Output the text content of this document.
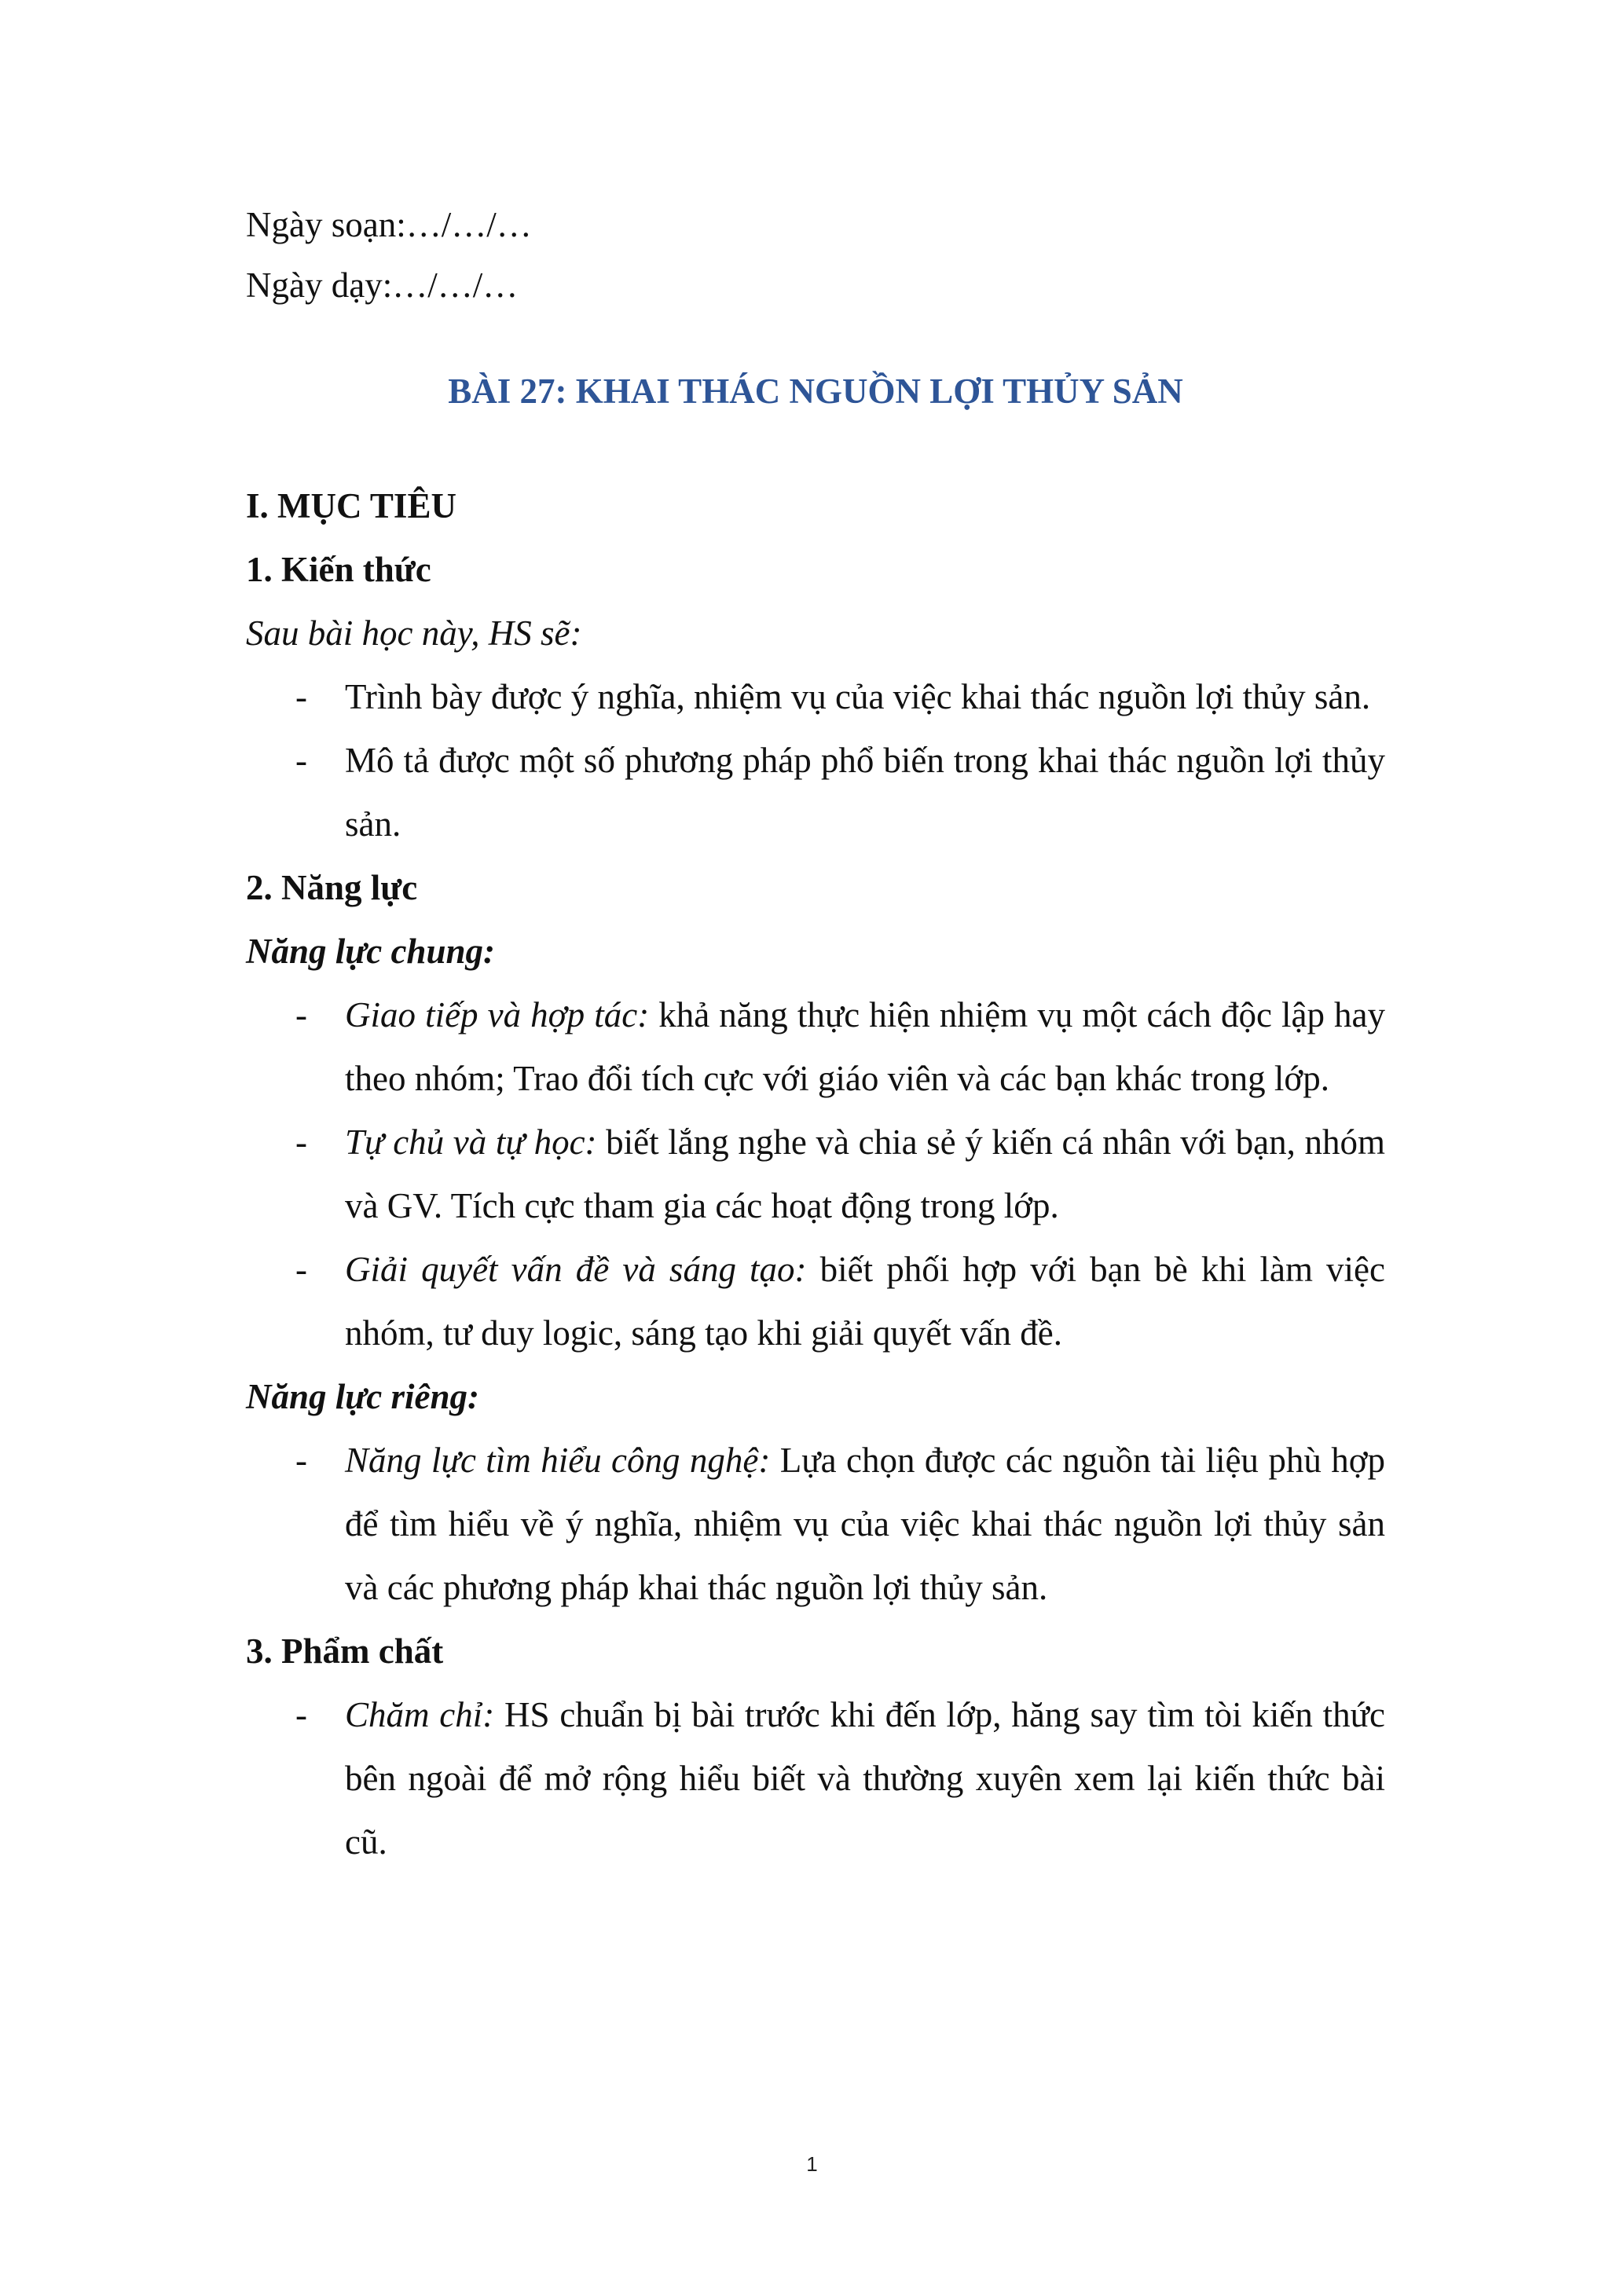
Ngày soạn:…/…/…

Ngày dạy:…/…/…

BÀI 27: KHAI THÁC NGUỒN LỢI THỦY SẢN

I. MỤC TIÊU

1. Kiến thức

Sau bài học này, HS sẽ:

- Trình bày được ý nghĩa, nhiệm vụ của việc khai thác nguồn lợi thủy sản.
- Mô tả được một số phương pháp phổ biến trong khai thác nguồn lợi thủy sản.

2. Năng lực

Năng lực chung:

- Giao tiếp và hợp tác: khả năng thực hiện nhiệm vụ một cách độc lập hay theo nhóm; Trao đổi tích cực với giáo viên và các bạn khác trong lớp.
- Tự chủ và tự học: biết lắng nghe và chia sẻ ý kiến cá nhân với bạn, nhóm và GV. Tích cực tham gia các hoạt động trong lớp.
- Giải quyết vấn đề và sáng tạo: biết phối hợp với bạn bè khi làm việc nhóm, tư duy logic, sáng tạo khi giải quyết vấn đề.

Năng lực riêng:

- Năng lực tìm hiểu công nghệ: Lựa chọn được các nguồn tài liệu phù hợp để tìm hiểu về ý nghĩa, nhiệm vụ của việc khai thác nguồn lợi thủy sản và các phương pháp khai thác nguồn lợi thủy sản.

3. Phẩm chất

- Chăm chỉ: HS chuẩn bị bài trước khi đến lớp, hăng say tìm tòi kiến thức bên ngoài để mở rộng hiểu biết và thường xuyên xem lại kiến thức bài cũ.
1
